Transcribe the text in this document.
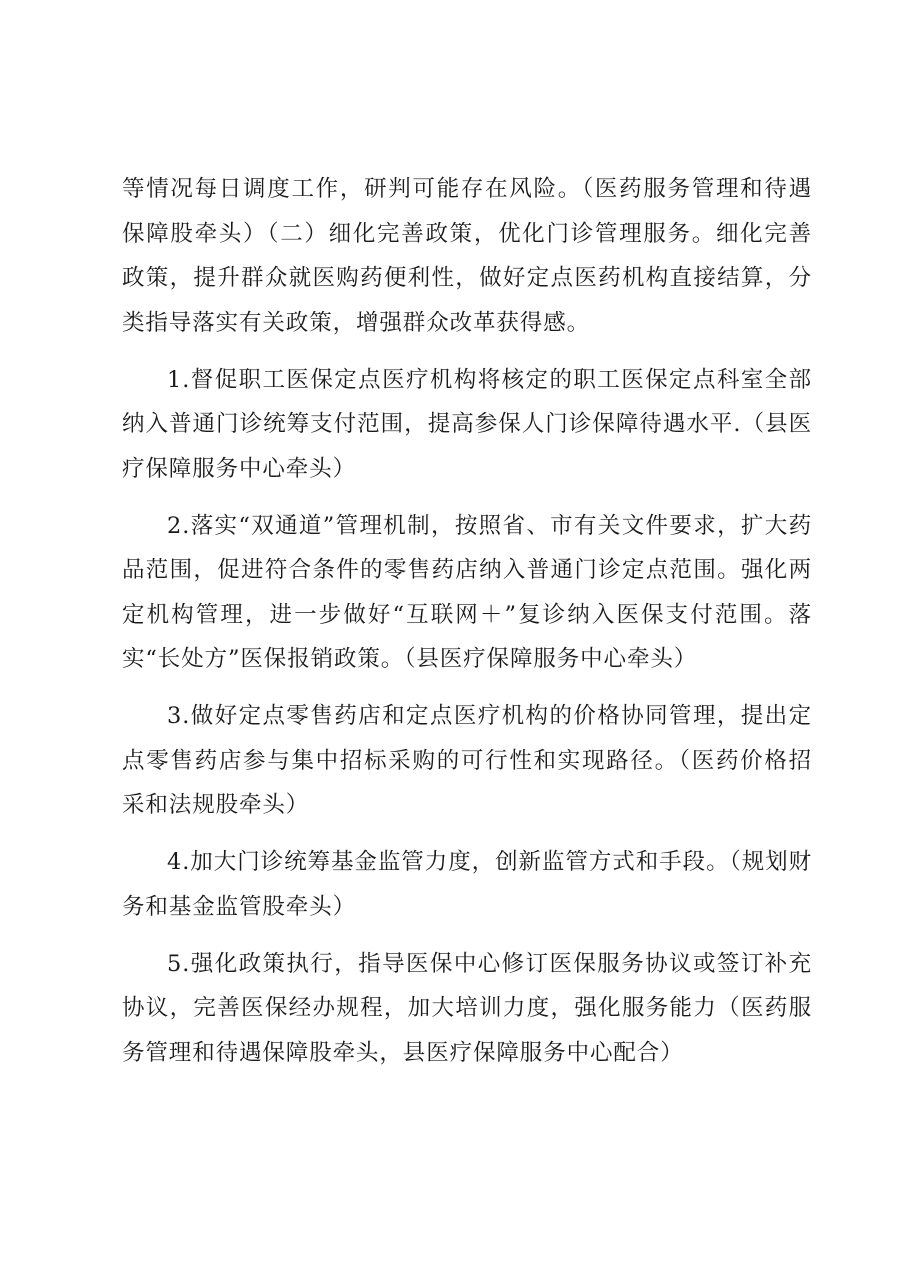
等情况每日调度工作，研判可能存在风险。（医药服务管理和待遇保障股牵头）（二）细化完善政策，优化门诊管理服务。细化完善政策，提升群众就医购药便利性，做好定点医药机构直接结算，分类指导落实有关政策，增强群众改革获得感。

1.督促职工医保定点医疗机构将核定的职工医保定点科室全部纳入普通门诊统筹支付范围，提高参保人门诊保障待遇水平.（县医疗保障服务中心牵头）

2.落实“双通道”管理机制，按照省、市有关文件要求，扩大药品范围，促进符合条件的零售药店纳入普通门诊定点范围。强化两定机构管理，进一步做好“互联网＋”复诊纳入医保支付范围。落实“长处方”医保报销政策。（县医疗保障服务中心牵头）

3.做好定点零售药店和定点医疗机构的价格协同管理，提出定点零售药店参与集中招标采购的可行性和实现路径。（医药价格招采和法规股牵头）

4.加大门诊统筹基金监管力度，创新监管方式和手段。（规划财务和基金监管股牵头）

5.强化政策执行，指导医保中心修订医保服务协议或签订补充协议，完善医保经办规程，加大培训力度，强化服务能力（医药服务管理和待遇保障股牵头，县医疗保障服务中心配合）
